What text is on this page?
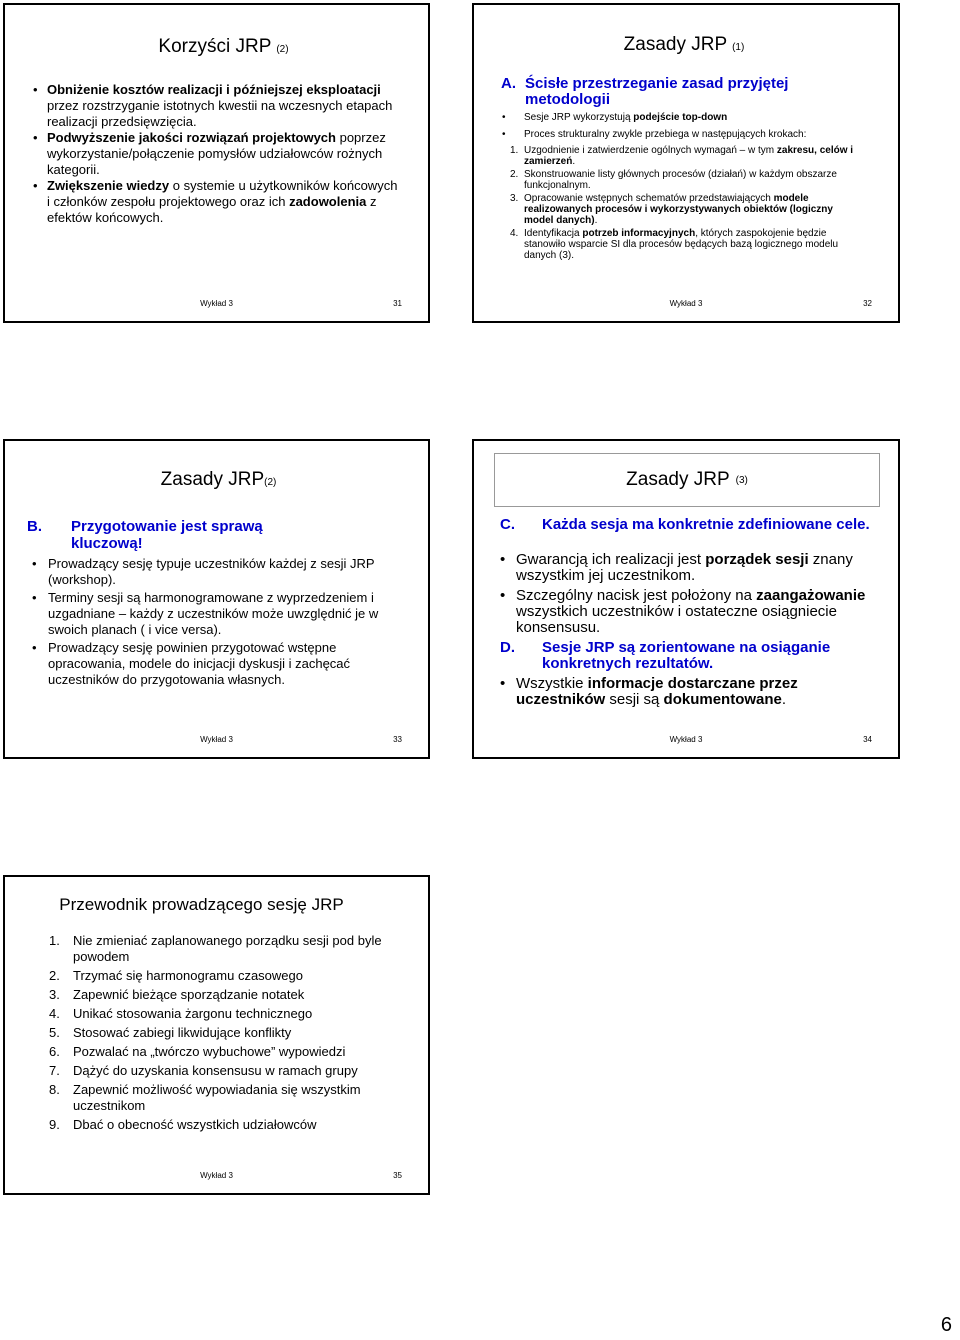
Korzyści JRP (2)
• Obniżenie kosztów realizacji i późniejszej eksploatacji przez rozstrzyganie istotnych kwestii na wczesnych etapach realizacji przedsięwzięcia.
• Podwyższenie jakości rozwiązań projektowych poprzez wykorzystanie/połączenie pomysłów udziałowców rożnych kategorii.
• Zwiększenie wiedzy o systemie u użytkowników końcowych i członków zespołu projektowego oraz ich zadowolenia z efektów końcowych.
Wykład 3	31
Zasady JRP (1)
A. Ścisłe przestrzeganie zasad przyjętej metodologii
• Sesje JRP wykorzystują podejście top-down
• Proces strukturalny zwykle przebiega w następujących krokach:
1. Uzgodnienie i zatwierdzenie ogólnych wymagań – w tym zakresu, celów i zamierzeń.
2. Skonstruowanie listy głównych procesów (działań) w każdym obszarze funkcjonalnym.
3. Opracowanie wstępnych schematów przedstawiających modele realizowanych procesów i wykorzystywanych obiektów (logiczny model danych).
4. Identyfikacja potrzeb informacyjnych, których zaspokojenie będzie stanowiło wsparcie SI dla procesów będących bazą logicznego modelu danych (3).
Wykład 3	32
Zasady JRP(2)
B. Przygotowanie jest sprawą kluczową!
• Prowadzący sesję typuje uczestników każdej z sesji JRP (workshop).
• Terminy sesji są harmonogramowane z wyprzedzeniem i uzgadniane – każdy z uczestników może uwzględnić je w swoich planach ( i vice versa).
• Prowadzący sesję powinien przygotować wstępne opracowania, modele do inicjacji dyskusji i zachęcać uczestników do przygotowania własnych.
Wykład 3	33
Zasady JRP (3)
C. Każda sesja ma konkretnie zdefiniowane cele.
• Gwarancją ich realizacji jest porządek sesji znany wszystkim jej uczestnikom.
• Szczególny nacisk jest położony na zaangażowanie wszystkich uczestników i ostateczne osiągniecie konsensusu.
D. Sesje JRP są zorientowane na osiąganie konkretnych rezultatów.
• Wszystkie informacje dostarczane przez uczestników sesji są dokumentowane.
Wykład 3	34
Przewodnik prowadzącego sesję JRP
1. Nie zmieniać zaplanowanego porządku sesji pod byle powodem
2. Trzymać się harmonogramu czasowego
3. Zapewnić bieżące sporządzanie notatek
4. Unikać stosowania żargonu technicznego
5. Stosować zabiegi likwidujące konflikty
6. Pozwalać na „twórczo wybuchowe” wypowiedzi
7. Dążyć do uzyskania konsensusu w ramach grupy
8. Zapewnić możliwość wypowiadania się wszystkim uczestnikom
9. Dbać o obecność wszystkich udziałowców
Wykład 3	35
6
